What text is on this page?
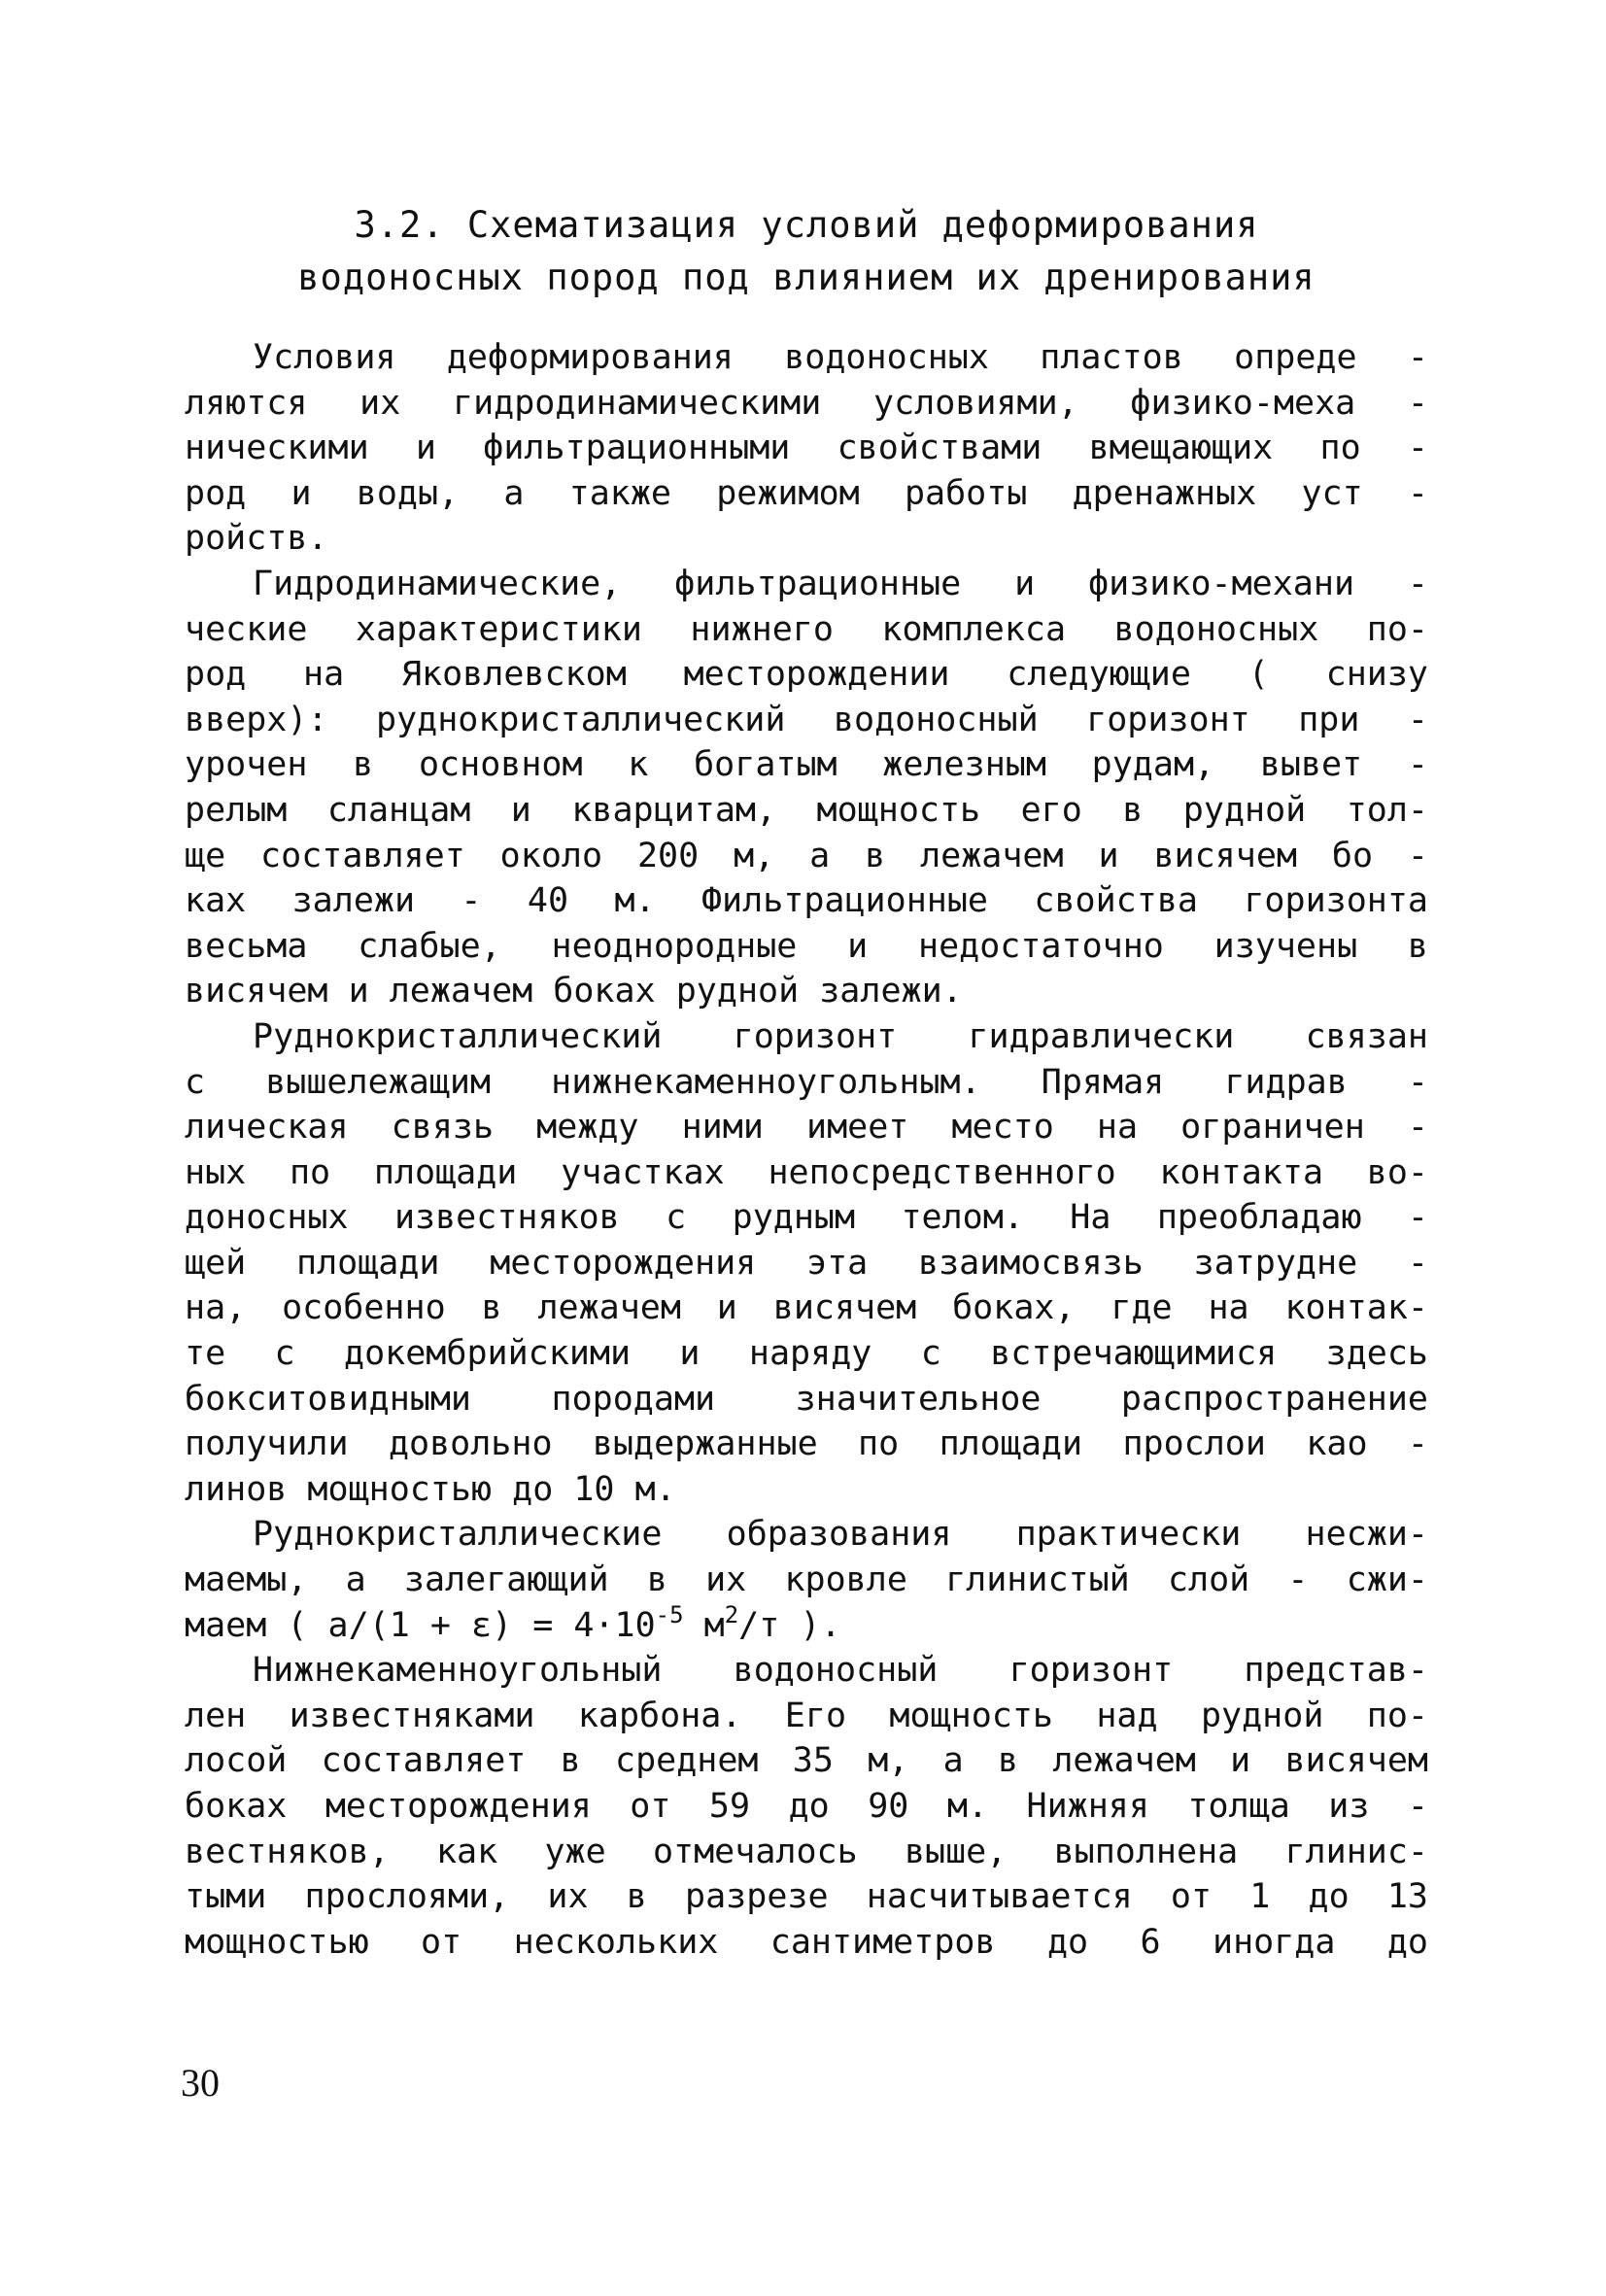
3.2. Схематизация условий деформирования
водоносных пород под влиянием их дренирования
Условия деформирования водоносных пластов опреде -
ляются их гидродинамическими условиями, физико-меха -
ническими и фильтрационными свойствами вмещающих по -
род и воды, а также режимом работы дренажных уст -
ройств.
Гидродинамические, фильтрационные и физико-механи -
ческие характеристики нижнего комплекса водоносных по-
род на Яковлевском месторождении следующие ( снизу
вверх): руднокристаллический водоносный горизонт при -
урочен в основном к богатым железным рудам, вывет -
релым сланцам и кварцитам, мощность его в рудной тол-
ще составляет около 200 м, а в лежачем и висячем бо -
ках залежи - 40 м. Фильтрационные свойства горизонта
весьма слабые, неоднородные и недостаточно изучены в
висячем и лежачем боках рудной залежи.
Руднокристаллический горизонт гидравлически связан
с вышележащим нижнекаменноугольным. Прямая гидрав -
лическая связь между ними имеет место на ограничен -
ных по площади участках непосредственного контакта во-
доносных известняков с рудным телом. На преобладаю -
щей площади месторождения эта взаимосвязь затрудне -
на, особенно в лежачем и висячем боках, где на контак-
те с докембрийскими и наряду с встречающимися здесь
бокситовидными породами значительное распространение
получили довольно выдержанные по площади прослои као -
линов мощностью до 10 м.
Руднокристаллические образования практически несжи-
маемы, а залегающий в их кровле глинистый слой - сжи-
маем ( $a/(1 + \varepsilon) = 4\cdot 10^{-5}$ $м^2/т$ ).
Нижнекаменноугольный водоносный горизонт представ-
лен известняками карбона. Его мощность над рудной по-
лосой составляет в среднем 35 м, а в лежачем и висячем
боках месторождения от 59 до 90 м. Нижняя толща из -
вестняков, как уже отмечалось выше, выполнена глинис-
тыми прослоями, их в разрезе насчитывается от 1 до 13
мощностью от нескольких сантиметров до 6 иногда до
30
